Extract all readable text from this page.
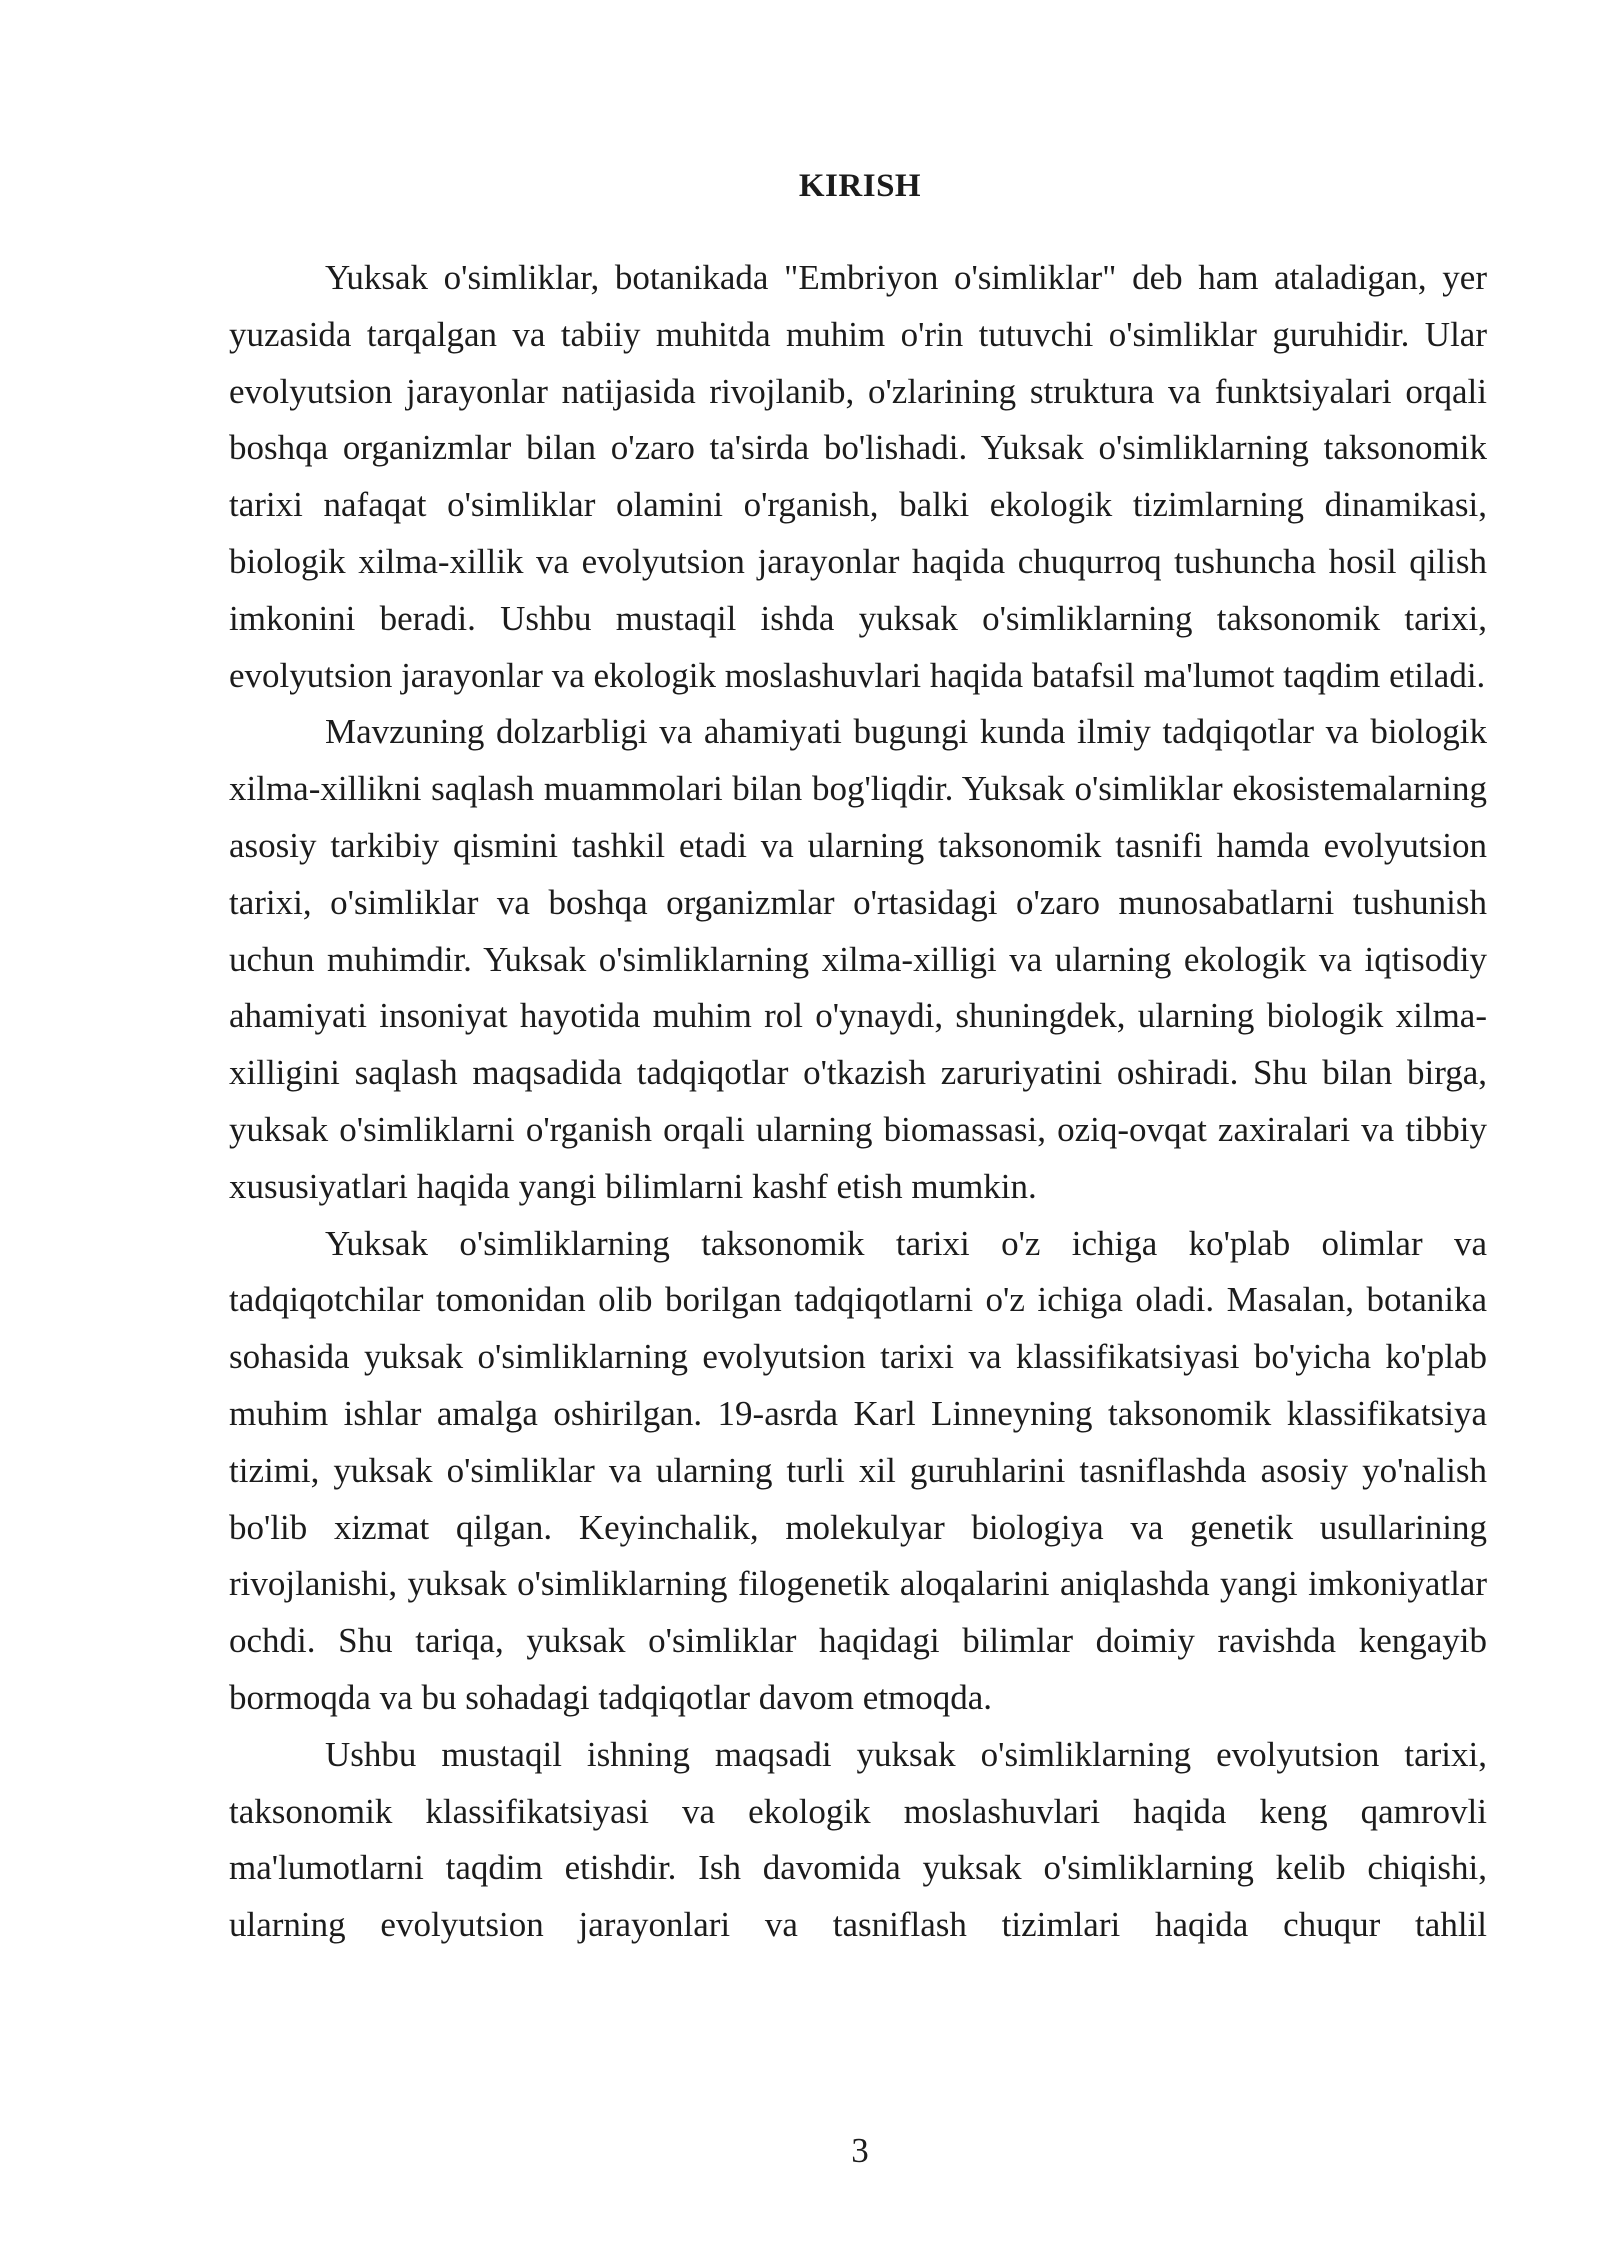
KIRISH

Yuksak o'simliklar, botanikada "Embriyon o'simliklar" deb ham ataladigan, yer yuzasida tarqalgan va tabiiy muhitda muhim o'rin tutuvchi o'simliklar guruhidir. Ular evolyutsion jarayonlar natijasida rivojlanib, o'zlarining struktura va funktsiyalari orqali boshqa organizmlar bilan o'zaro ta'sirda bo'lishadi. Yuksak o'simliklarning taksonomik tarixi nafaqat o'simliklar olamini o'rganish, balki ekologik tizimlarning dinamikasi, biologik xilma-xillik va evolyutsion jarayonlar haqida chuqurroq tushuncha hosil qilish imkonini beradi. Ushbu mustaqil ishda yuksak o'simliklarning taksonomik tarixi, evolyutsion jarayonlar va ekologik moslashuvlari haqida batafsil ma'lumot taqdim etiladi.

Mavzuning dolzarbligi va ahamiyati bugungi kunda ilmiy tadqiqotlar va biologik xilma-xillikni saqlash muammolari bilan bog'liqdir. Yuksak o'simliklar ekosistemalarning asosiy tarkibiy qismini tashkil etadi va ularning taksonomik tasnifi hamda evolyutsion tarixi, o'simliklar va boshqa organizmlar o'rtasidagi o'zaro munosabatlarni tushunish uchun muhimdir. Yuksak o'simliklarning xilma-xilligi va ularning ekologik va iqtisodiy ahamiyati insoniyat hayotida muhim rol o'ynaydi, shuningdek, ularning biologik xilma-xilligini saqlash maqsadida tadqiqotlar o'tkazish zaruriyatini oshiradi. Shu bilan birga, yuksak o'simliklarni o'rganish orqali ularning biomassasi, oziq-ovqat zaxiralari va tibbiy xususiyatlari haqida yangi bilimlarni kashf etish mumkin.

Yuksak o'simliklarning taksonomik tarixi o'z ichiga ko'plab olimlar va tadqiqotchilar tomonidan olib borilgan tadqiqotlarni o'z ichiga oladi. Masalan, botanika sohasida yuksak o'simliklarning evolyutsion tarixi va klassifikatsiyasi bo'yicha ko'plab muhim ishlar amalga oshirilgan. 19-asrda Karl Linneyning taksonomik klassifikatsiya tizimi, yuksak o'simliklar va ularning turli xil guruhlarini tasniflashda asosiy yo'nalish bo'lib xizmat qilgan. Keyinchalik, molekulyar biologiya va genetik usullarining rivojlanishi, yuksak o'simliklarning filogenetik aloqalarini aniqlashda yangi imkoniyatlar ochdi. Shu tariqa, yuksak o'simliklar haqidagi bilimlar doimiy ravishda kengayib bormoqda va bu sohadagi tadqiqotlar davom etmoqda.

Ushbu mustaqil ishning maqsadi yuksak o'simliklarning evolyutsion tarixi, taksonomik klassifikatsiyasi va ekologik moslashuvlari haqida keng qamrovli ma'lumotlarni taqdim etishdir. Ish davomida yuksak o'simliklarning kelib chiqishi, ularning evolyutsion jarayonlari va tasniflash tizimlari haqida chuqur tahlil

3
